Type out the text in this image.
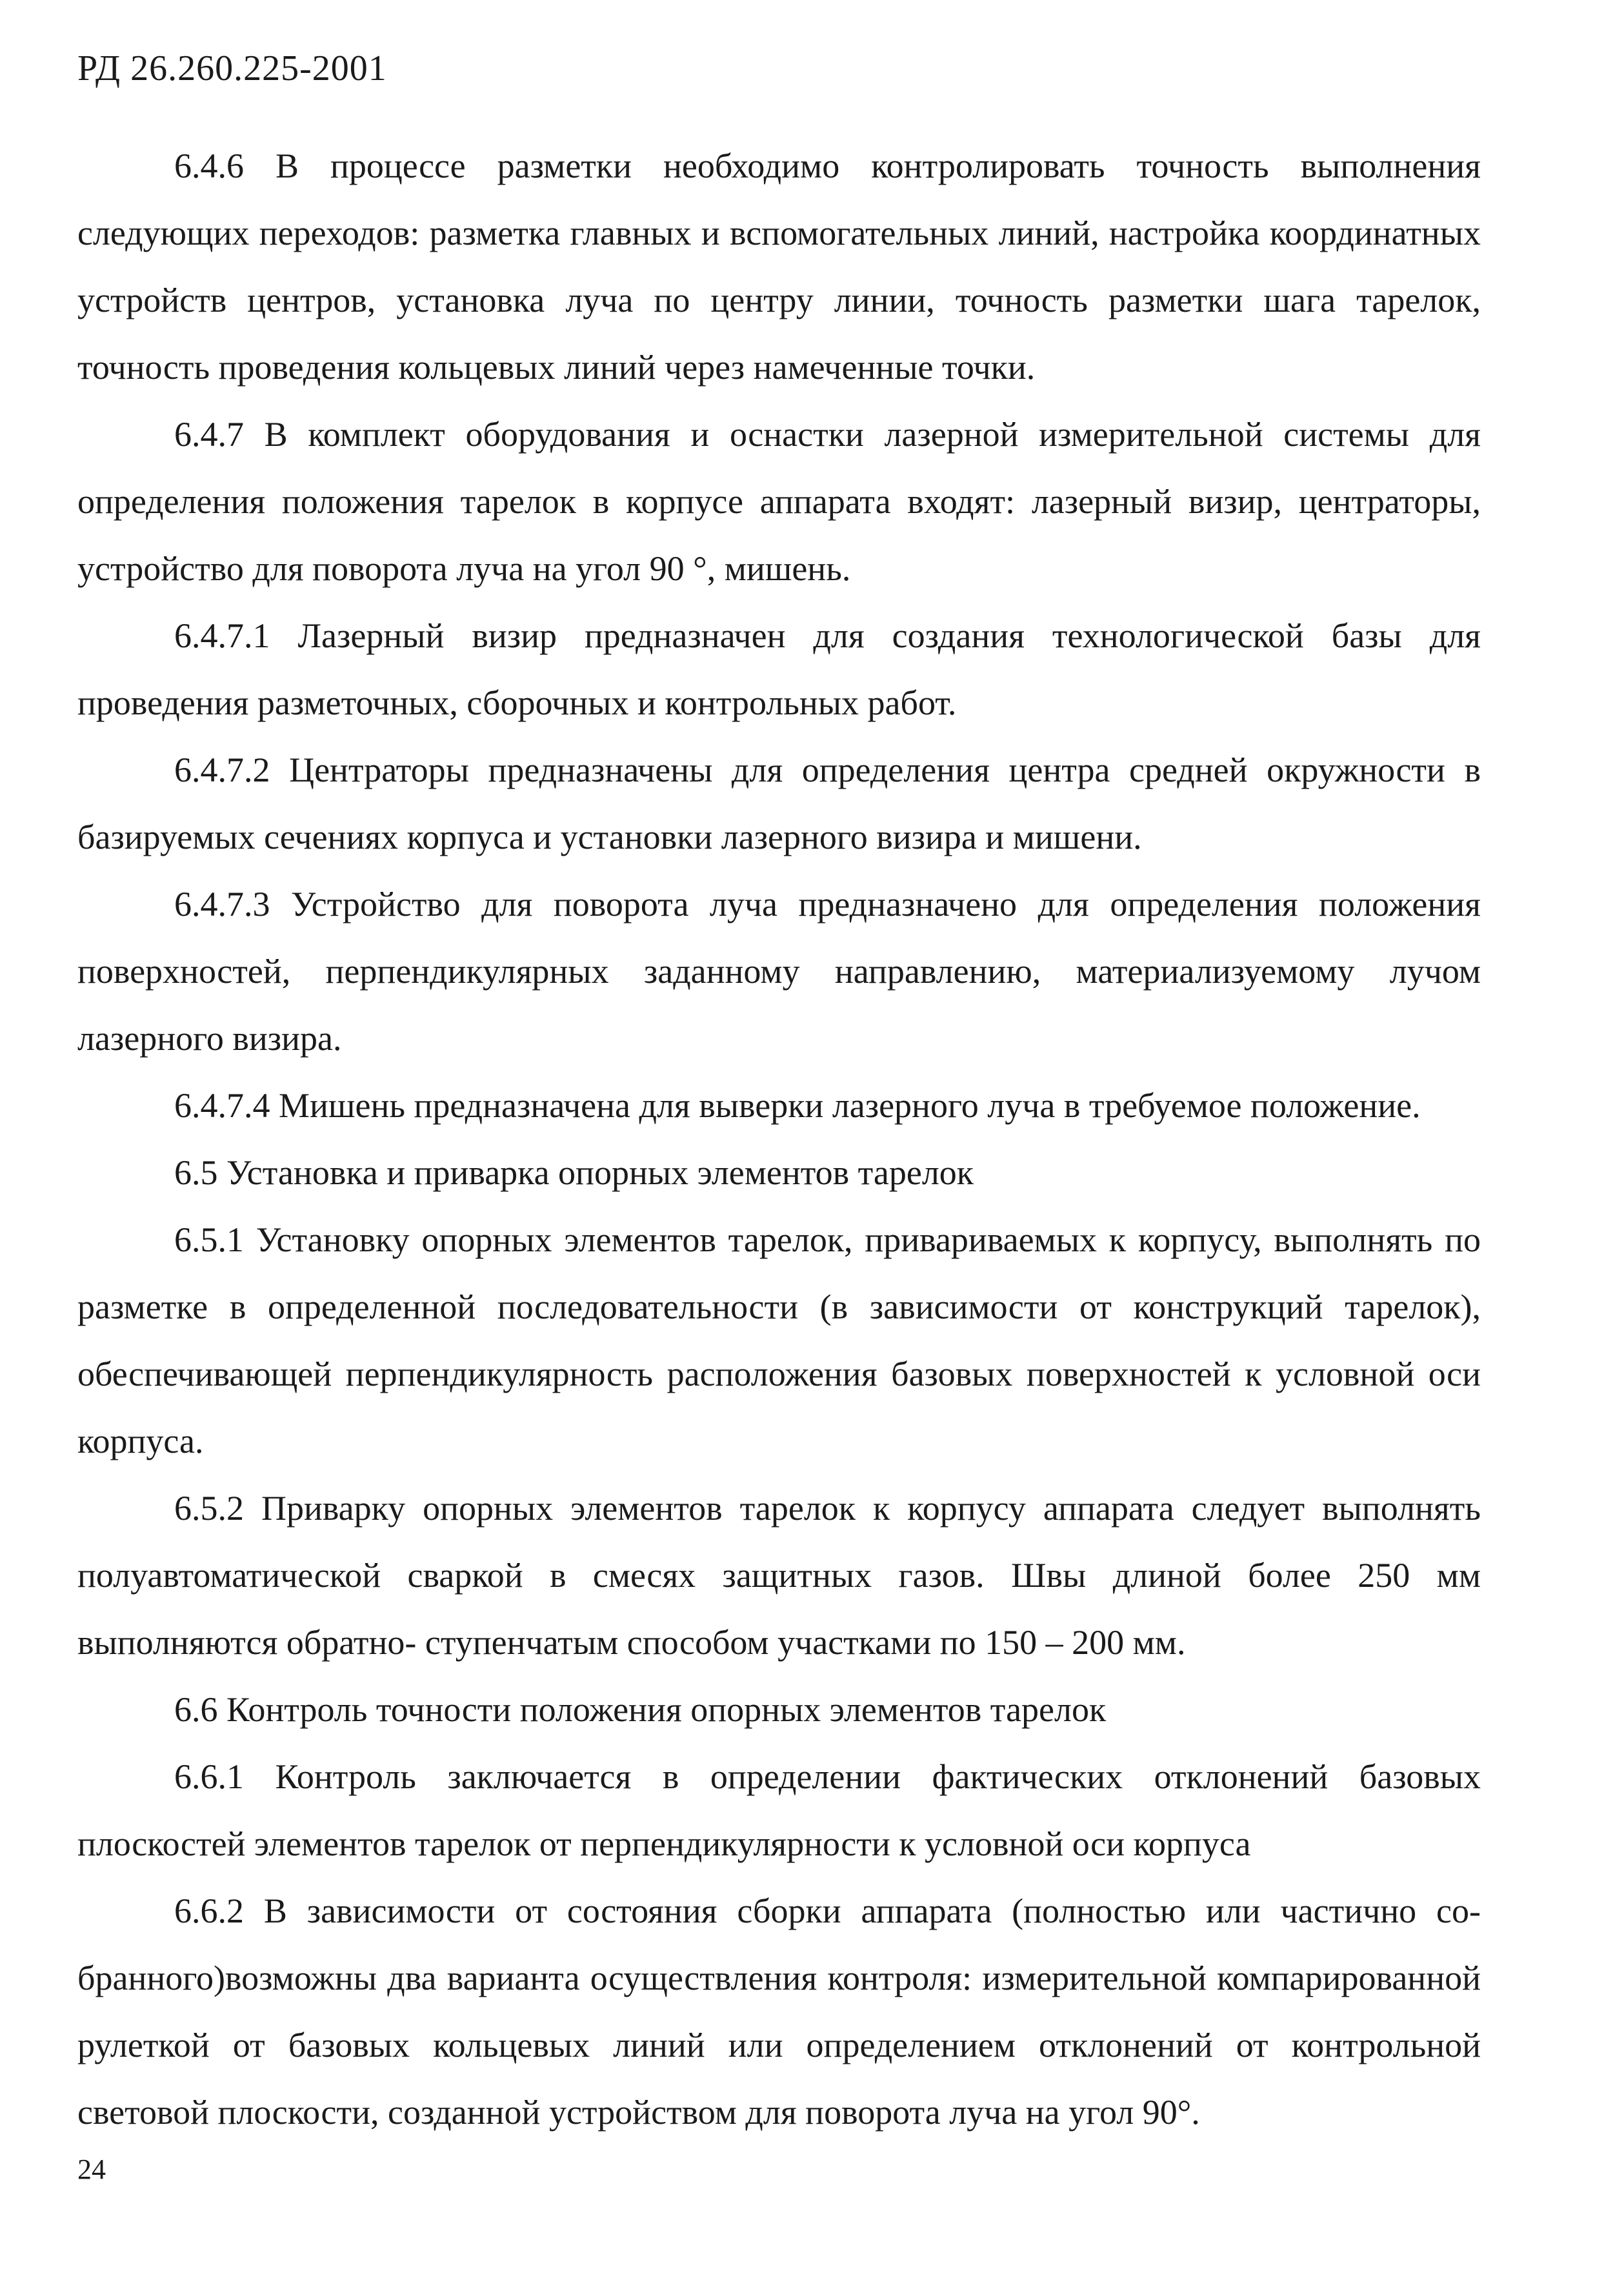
РД 26.260.225-2001

6.4.6 В процессе разметки необходимо контролировать точность выполнения следующих переходов: разметка главных и вспомогательных линий, настройка координатных устройств центров, установка луча по центру линии, точность разметки шага тарелок, точность проведения кольцевых линий через намеченные точки.

6.4.7 В комплект оборудования и оснастки лазерной измерительной системы для определения положения тарелок в корпусе аппарата входят: лазерный визир, центраторы, устройство для поворота луча на угол 90 °, мишень.

6.4.7.1 Лазерный визир предназначен для создания технологической базы для проведения разметочных, сборочных и контрольных работ.

6.4.7.2 Центраторы предназначены для определения центра средней окружности в базируемых сечениях корпуса и установки лазерного визира и мишени.

6.4.7.3 Устройство для поворота луча предназначено для определения положения поверхностей, перпендикулярных заданному направлению, материализуемому лучом лазерного визира.

6.4.7.4 Мишень предназначена для выверки лазерного луча в требуемое положение.

6.5 Установка и приварка опорных элементов тарелок

6.5.1 Установку опорных элементов тарелок, привариваемых к корпусу, выполнять по разметке в определенной последовательности (в зависимости от конструкций тарелок), обеспечивающей перпендикулярность расположения базовых поверхностей к условной оси корпуса.

6.5.2 Приварку опорных элементов тарелок к корпусу аппарата следует выполнять полуавтоматической сваркой в смесях защитных газов. Швы длиной более 250 мм выполняются обратно- ступенчатым способом участками по 150 – 200 мм.

6.6 Контроль точности положения опорных элементов тарелок

6.6.1 Контроль заключается в определении фактических отклонений базовых плоскостей элементов тарелок от перпендикулярности к условной оси корпуса

6.6.2 В зависимости от состояния сборки аппарата (полностью или частично собранного)возможны два варианта осуществления контроля: измерительной компарированной рулеткой от базовых кольцевых линий или определением отклонений от контрольной световой плоскости, созданной устройством для поворота луча на угол 90°.

24
